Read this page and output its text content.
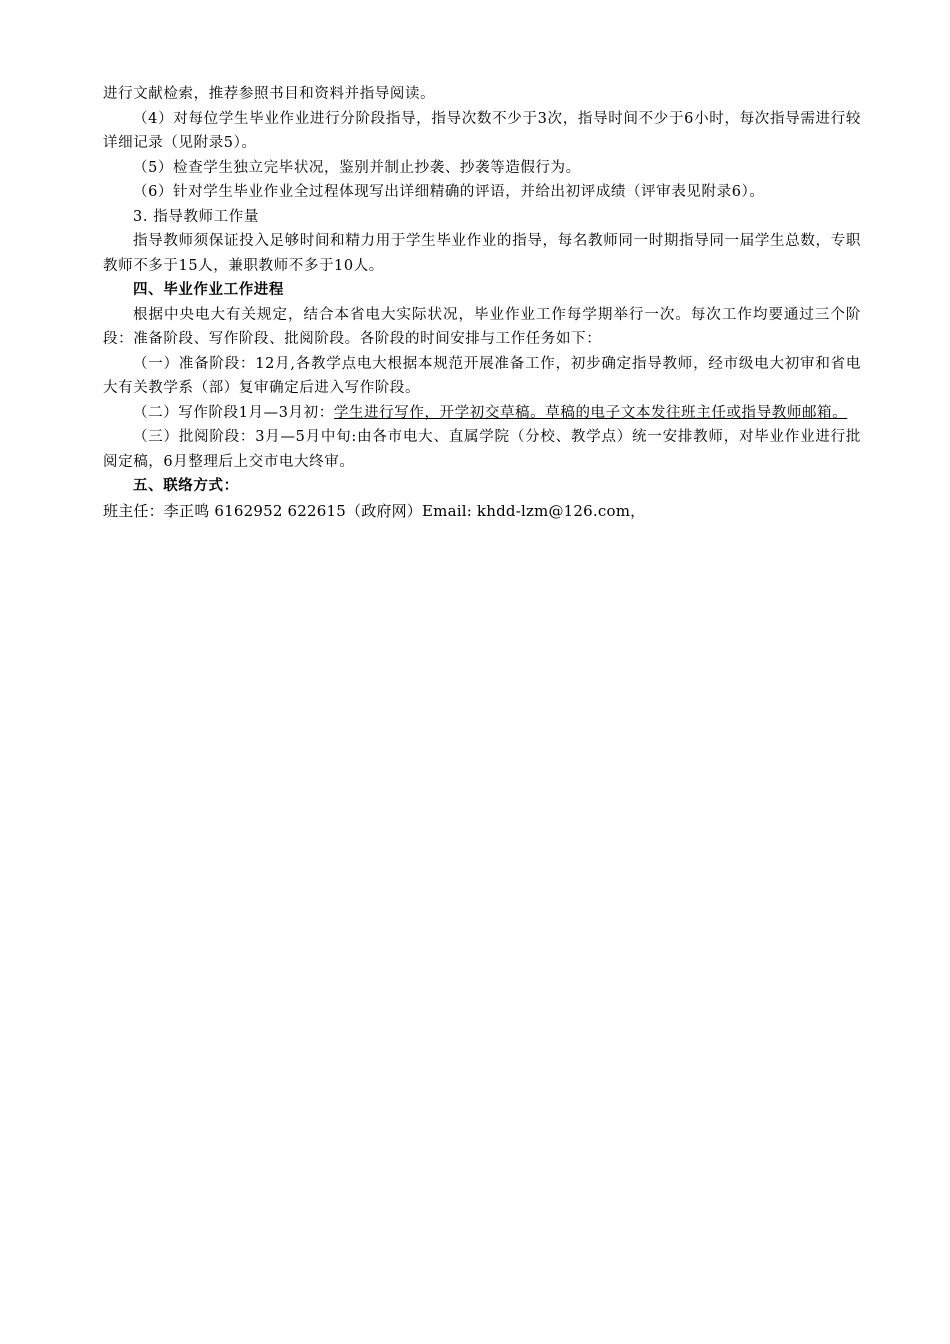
进行文献检索，推荐参照书目和资料并指导阅读。

（4）对每位学生毕业作业进行分阶段指导，指导次数不少于3次，指导时间不少于6小时，每次指导需进行较详细记录（见附录5）。

（5）检查学生独立完毕状况，鉴别并制止抄袭、抄袭等造假行为。

（6）针对学生毕业作业全过程体现写出详细精确的评语，并给出初评成绩（评审表见附录6）。

3. 指导教师工作量

指导教师须保证投入足够时间和精力用于学生毕业作业的指导，每名教师同一时期指导同一届学生总数，专职教师不多于15人，兼职教师不多于10人。

四、毕业作业工作进程

根据中央电大有关规定，结合本省电大实际状况，毕业作业工作每学期举行一次。每次工作均要通过三个阶段：准备阶段、写作阶段、批阅阶段。各阶段的时间安排与工作任务如下：

（一）准备阶段：12月,各教学点电大根据本规范开展准备工作，初步确定指导教师，经市级电大初审和省电大有关教学系（部）复审确定后进入写作阶段。

（二）写作阶段1月—3月初：学生进行写作，开学初交草稿。草稿的电子文本发往班主任或指导教师邮箱。

（三）批阅阶段：3月—5月中旬:由各市电大、直属学院（分校、教学点）统一安排教师，对毕业作业进行批阅定稿，6月整理后上交市电大终审。

五、联络方式：

班主任：李正鸣 6162952 622615（政府网）Email: khdd-lzm@126.com，
